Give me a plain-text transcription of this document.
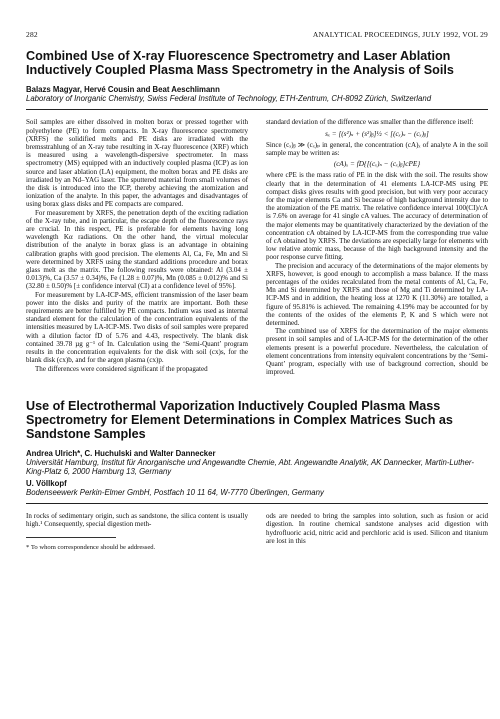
282	ANALYTICAL PROCEEDINGS, JULY 1992, VOL 29
Combined Use of X-ray Fluorescence Spectrometry and Laser Ablation Inductively Coupled Plasma Mass Spectrometry in the Analysis of Soils
Balazs Magyar, Hervé Cousin and Beat Aeschlimann
Laboratory of Inorganic Chemistry, Swiss Federal Institute of Technology, ETH-Zentrum, CH-8092 Zürich, Switzerland

Soil samples are either dissolved in molten borax or pressed together with polyethylene (PE) to form compacts. In X-ray fluorescence spectrometry (XRFS) the solidified melts and PE disks are irradiated with the bremsstrahlung of an X-ray tube resulting in X-ray fluorescence (XRF) which is measured using a wavelength-dispersive spectrometer. In mass spectrometry (MS) equipped with an inductively coupled plasma (ICP) as ion source and laser ablation (LA) equipment, the molten borax and PE disks are irradiated by an Nd–YAG laser. The sputtered material from small volumes of the disk is introduced into the ICP, thereby achieving the atomization and ionization of the analyte. In this paper, the advantages and disadvantages of using borax glass disks and PE compacts are compared.

For measurement by XRFS, the penetration depth of the exciting radiation of the X-ray tube, and in particular, the escape depth of the fluorescence rays are crucial. In this respect, PE is preferable for elements having long wavelength Kα radiations. On the other hand, the virtual molecular distribution of the analyte in borax glass is an advantage in obtaining calibration graphs with good precision. The elements Al, Ca, Fe, Mn and Si were determined by XRFS using the standard additions procedure and borax glass melt as the matrix. The following results were obtained: Al (3.04 ± 0.013)%, Ca (3.57 ± 0.34)%, Fe (1.28 ± 0.07)%, Mn (0.085 ± 0.012)% and Si (32.80 ± 0.50)% [± confidence interval (CI) at a confidence level of 95%].

For measurement by LA-ICP-MS, efficient transmission of the laser beam power into the disks and purity of the matrix are important. Both these requirements are better fulfilled by PE compacts. Indium was used as internal standard element for the calculation of the concentration equivalents of the intensities measured by LA-ICP-MS. Two disks of soil samples were prepared with a dilution factor fD of 5.76 and 4.43, respectively. The blank disk contained 39.78 µg g⁻¹ of In. Calculation using the ‘Semi-Quant’ program results in the concentration equivalents for the disk with soil (cx)s, for the blank disk (cx)b, and for the argon plasma (cx)p.

The differences were considered significant if the propagated

standard deviation of the difference was smaller than the difference itself:

sₓ = [(s²)ₛ + (s²)ᵦ]½ < [(cₓ)ₛ − (cₓ)ᵦ]

Since (cₓ)ᵦ ≫ (cₓ)ₚ in general, the concentration (cA)ₓ of analyte A in the soil sample may be written as:

(cA)ₓ = fD{[(cₓ)ₛ − (cₓ)ᵦ]cPE}

where cPE is the mass ratio of PE in the disk with the soil. The results show clearly that in the determination of 41 elements LA-ICP-MS using PE compact disks gives results with good precision, but with very poor accuracy for the major elements Ca and Si because of high background intensity due to the atomization of the PE matrix. The relative confidence interval 100(CI)/cA is 7.6% on average for 41 single cA values. The accuracy of determination of the major elements may be quantitatively characterized by the deviation of the concentration cA obtained by LA-ICP-MS from the corresponding true value of cA obtained by XRFS. The deviations are especially large for elements with low relative atomic mass, because of the high background intensity and the poor response curve fitting.

The precision and accuracy of the determinations of the major elements by XRFS, however, is good enough to accomplish a mass balance. If the mass percentages of the oxides recalculated from the metal contents of Al, Ca, Fe, Mn and Si determined by XRFS and those of Mg and Ti determined by LA-ICP-MS and in addition, the heating loss at 1270 K (11.30%) are totalled, a figure of 95.81% is achieved. The remaining 4.19% may be accounted for by the contents of the oxides of the elements P, K and S which were not determined.

The combined use of XRFS for the determination of the major elements present in soil samples and of LA-ICP-MS for the determination of the other elements present is a powerful procedure. Nevertheless, the calculation of element concentrations from intensity equivalent concentrations by the ‘Semi-Quant’ program, especially with use of background correction, should be improved.

Use of Electrothermal Vaporization Inductively Coupled Plasma Mass Spectrometry for Element Determinations in Complex Matrices Such as Sandstone Samples
Andrea Ulrich*, C. Huchulski and Walter Dannecker
Universität Hamburg, Institut für Anorganische und Angewandte Chemie, Abt. Angewandte Analytik, AK Dannecker, Martin-Luther-King-Platz 6, 2000 Hamburg 13, Germany
U. Völlkopf
Bodenseewerk Perkin-Elmer GmbH, Postfach 10 11 64, W-7770 Überlingen, Germany

In rocks of sedimentary origin, such as sandstone, the silica content is usually high.¹ Consequently, special digestion meth-

* To whom correspondence should be addressed.

ods are needed to bring the samples into solution, such as fusion or acid digestion. In routine chemical sandstone analyses acid digestion with hydrofluoric acid, nitric acid and perchloric acid is used. Silicon and titanium are lost in this
